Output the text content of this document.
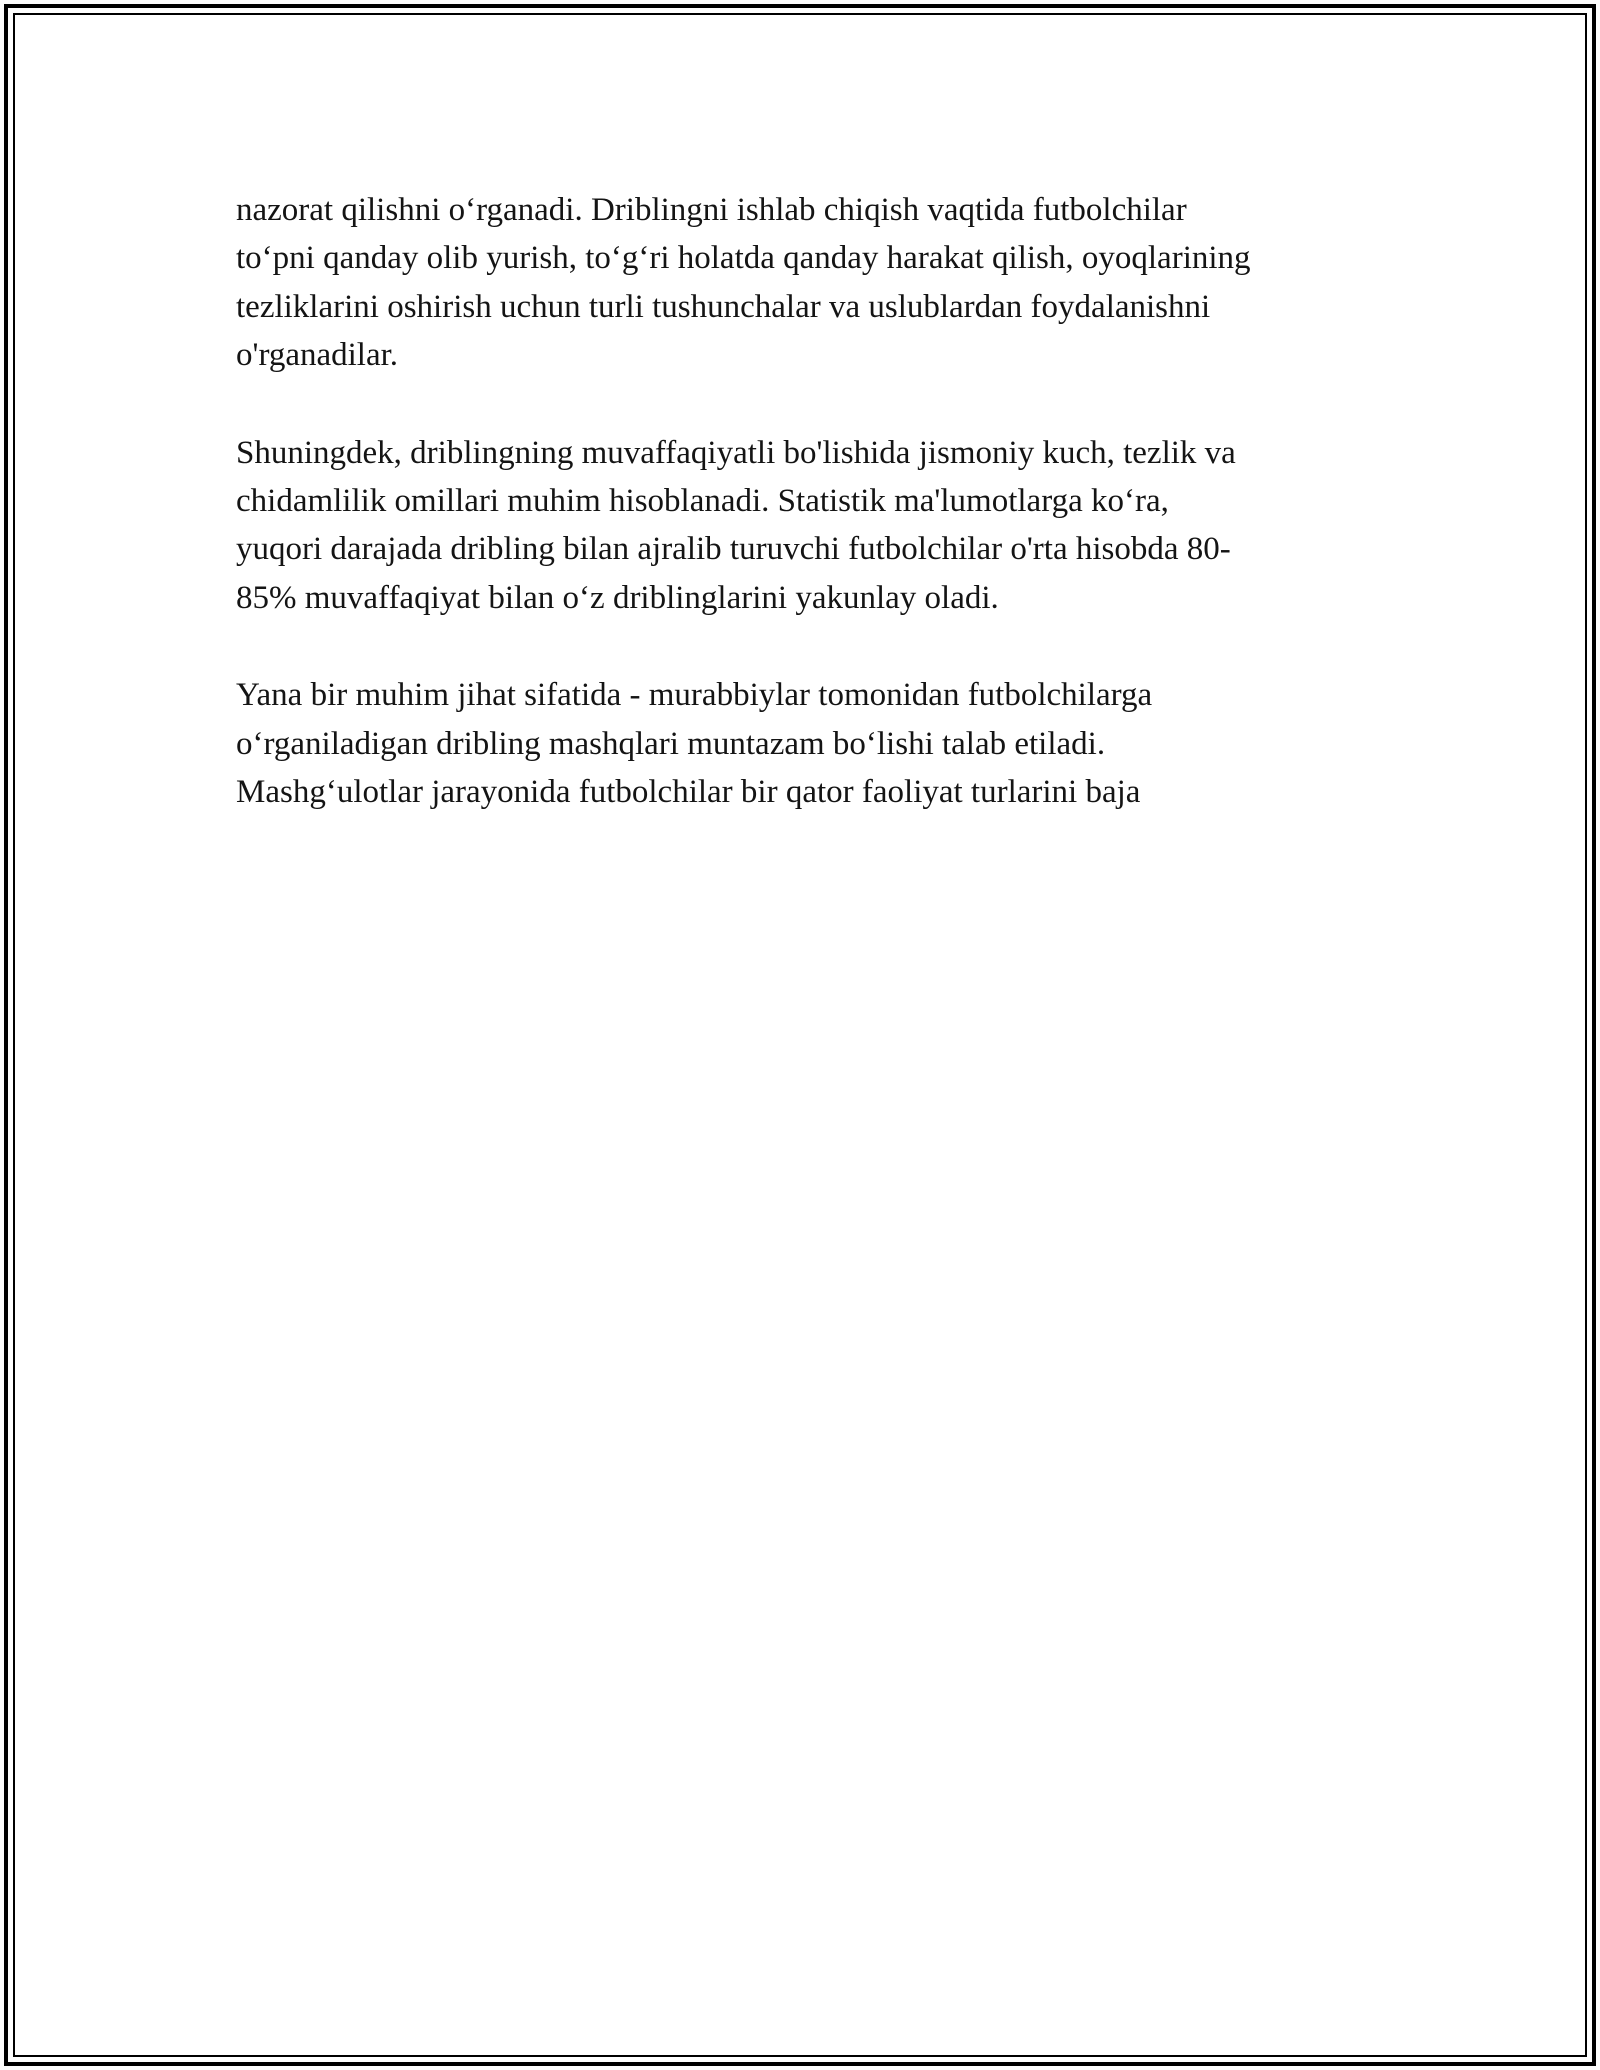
nazorat qilishni o‘rganadi. Driblingni ishlab chiqish vaqtida futbolchilar
to‘pni qanday olib yurish, to‘g‘ri holatda qanday harakat qilish, oyoqlarining
tezliklarini oshirish uchun turli tushunchalar va uslublardan foydalanishni
o'rganadilar.

Shuningdek, driblingning muvaffaqiyatli bo'lishida jismoniy kuch, tezlik va
chidamlilik omillari muhim hisoblanadi. Statistik ma'lumotlarga ko‘ra,
yuqori darajada dribling bilan ajralib turuvchi futbolchilar o'rta hisobda 80-
85% muvaffaqiyat bilan o‘z driblinglarini yakunlay oladi.

Yana bir muhim jihat sifatida - murabbiylar tomonidan futbolchilarga
o‘rganiladigan dribling mashqlari muntazam bo‘lishi talab etiladi.
Mashg‘ulotlar jarayonida futbolchilar bir qator faoliyat turlarini baja
